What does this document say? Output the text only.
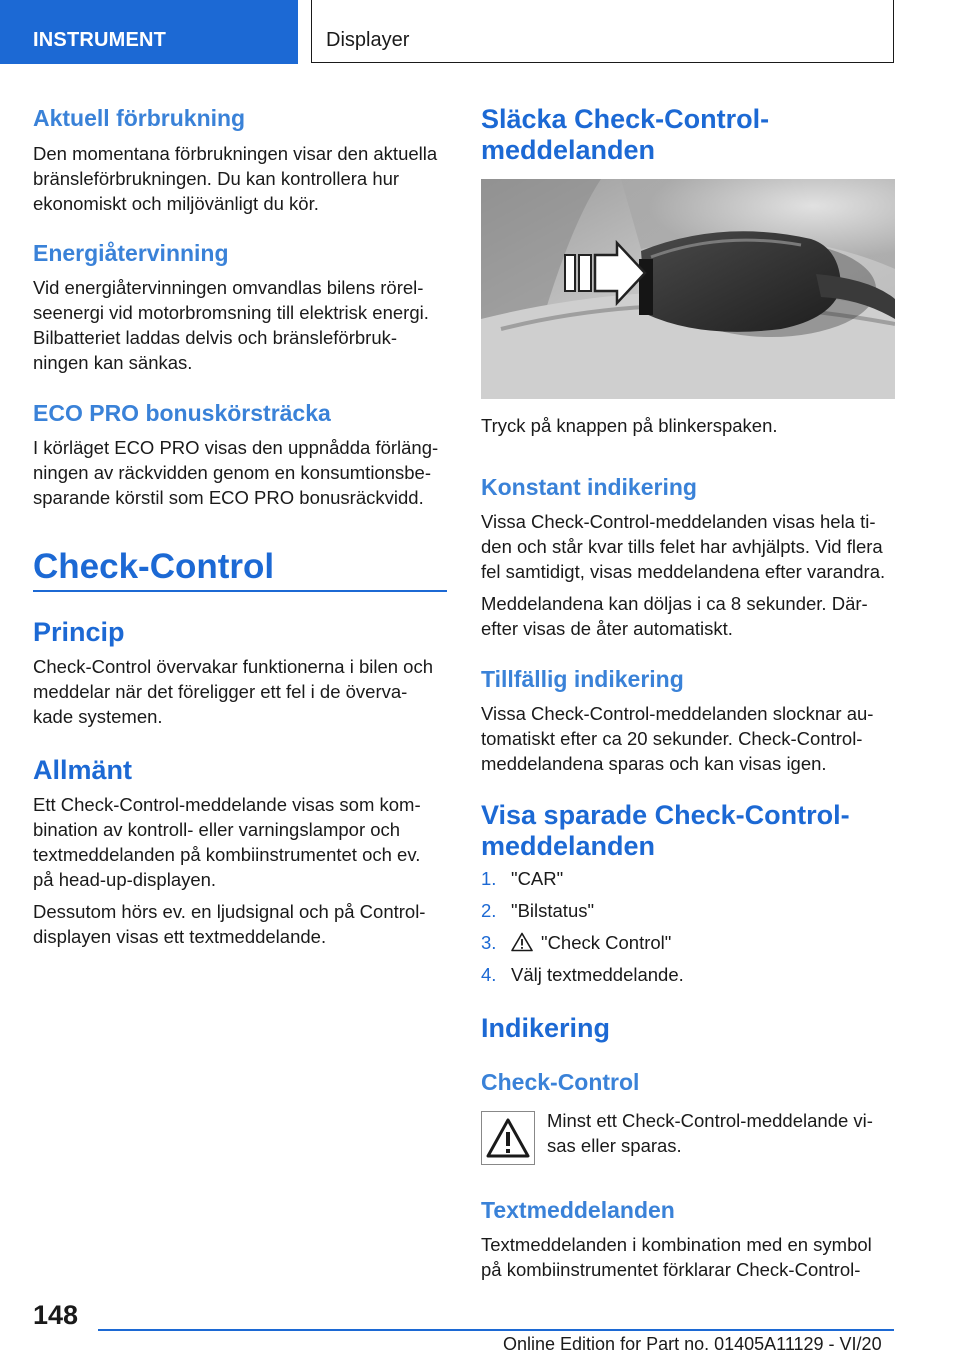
INSTRUMENT	Displayer
Aktuell förbrukning
Den momentana förbrukningen visar den aktuella
bränsleförbrukningen. Du kan kontrollera hur
ekonomiskt och miljövänligt du kör.
Energiåtervinning
Vid energiåtervinningen omvandlas bilens rörel‐
seenergi vid motorbromsning till elektrisk energi.
Bilbatteriet laddas delvis och bränsleförbruk‐
ningen kan sänkas.
ECO PRO bonuskörsträcka
I körläget ECO PRO visas den uppnådda förläng‐
ningen av räckvidden genom en konsumtionsbe‐
sparande körstil som ECO PRO bonusräckvidd.
Check-Control
Princip
Check-Control övervakar funktionerna i bilen och
meddelar när det föreligger ett fel i de överva‐
kade systemen.
Allmänt
Ett Check-Control-meddelande visas som kom‐
bination av kontroll- eller varningslampor och
textmeddelanden på kombiinstrumentet och ev.
på head-up-displayen.
Dessutom hörs ev. en ljudsignal och på Control-
displayen visas ett textmeddelande.
Släcka Check-Control-
meddelanden
Tryck på knappen på blinkerspaken.
Konstant indikering
Vissa Check-Control-meddelanden visas hela ti‐
den och står kvar tills felet har avhjälpts. Vid flera
fel samtidigt, visas meddelandena efter varandra.
Meddelandena kan döljas i ca 8 sekunder. Där‐
efter visas de åter automatiskt.
Tillfällig indikering
Vissa Check-Control-meddelanden slocknar au‐
tomatiskt efter ca 20 sekunder. Check-Control-
meddelandena sparas och kan visas igen.
Visa sparade Check-Control-
meddelanden
1. "CAR"
2. "Bilstatus"
3. "Check Control"
4. Välj textmeddelande.
Indikering
Check-Control
Minst ett Check-Control-meddelande vi‐
sas eller sparas.
Textmeddelanden
Textmeddelanden i kombination med en symbol
på kombiinstrumentet förklarar Check-Control-
148
Online Edition for Part no. 01405A11129 - VI/20
